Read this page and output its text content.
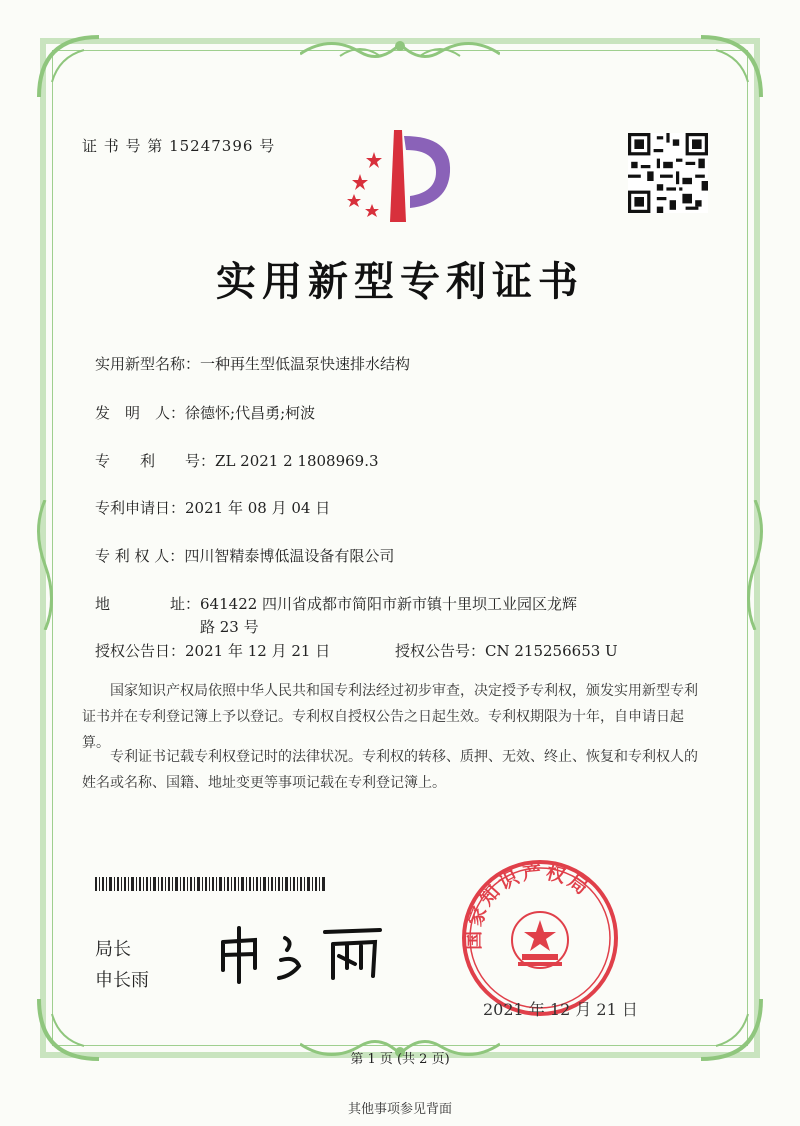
证 书 号 第 15247396 号
实用新型专利证书
实用新型名称：一种再生型低温泵快速排水结构
发　明　人：徐德怀;代昌勇;柯波
专　　利　　号：ZL 2021 2 1808969.3
专利申请日：2021 年 08 月 04 日
专 利 权 人：四川智精泰博低温设备有限公司
地　　　　址：641422 四川省成都市简阳市新市镇十里坝工业园区龙辉
路 23 号
授权公告日：2021 年 12 月 21 日	授权公告号：CN 215256653 U
国家知识产权局依照中华人民共和国专利法经过初步审查，决定授予专利权，颁发实用新型专利证书并在专利登记簿上予以登记。专利权自授权公告之日起生效。专利权期限为十年，自申请日起算。
专利证书记载专利权登记时的法律状况。专利权的转移、质押、无效、终止、恢复和专利权人的姓名或名称、国籍、地址变更等事项记载在专利登记簿上。
局长
申长雨
国家知识产权局
2021 年 12 月 21 日
第 1 页 (共 2 页)
其他事项参见背面
